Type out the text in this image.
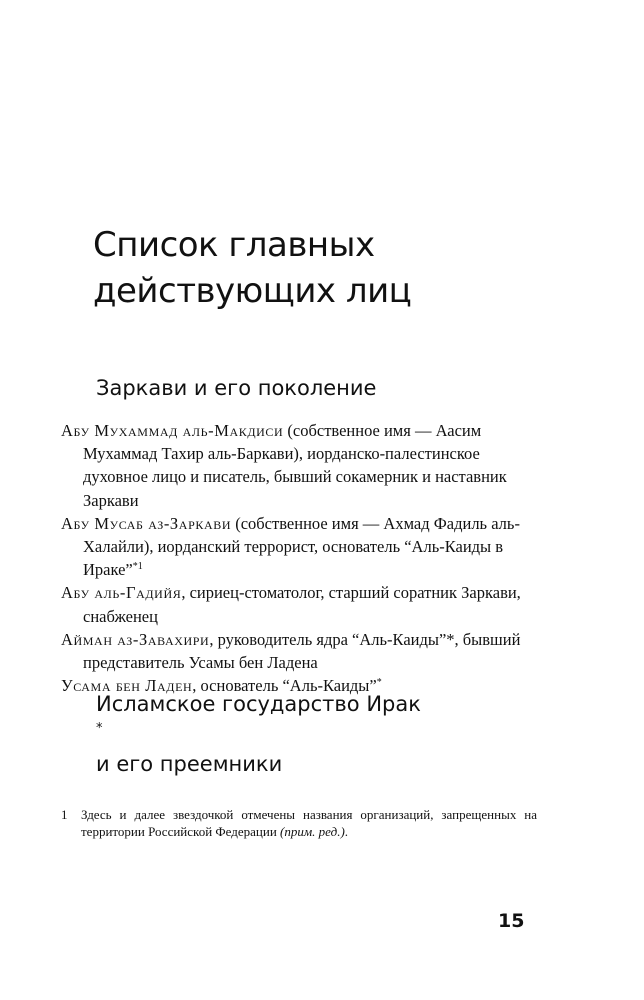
Список главных
действующих лиц
Заркави и его поколение
Абу Мухаммад аль-Макдиси (собственное имя — Аасим Мухаммад Тахир аль-Баркави), иорданско-палестинское духовное лицо и писатель, бывший сокамерник и наставник Заркави
Абу Мусаб аз-Заркави (собственное имя — Ахмад Фадиль аль-Халайли), иорданский террорист, основатель “Аль-Каиды в Ираке”$^{*1}$
Абу аль-Гадийя, сириец-стоматолог, старший соратник Заркави, снабженец
Айман аз-Завахири, руководитель ядра “Аль-Каиды”*, бывший представитель Усамы бен Ладена
Усама бен Ладен, основатель “Аль-Каиды”*
Исламское государство Ирак
*
и его преемники
1	Здесь и далее звездочкой отмечены названия организаций, запрещенных на территории Российской Федерации (прим. ред.).
15
